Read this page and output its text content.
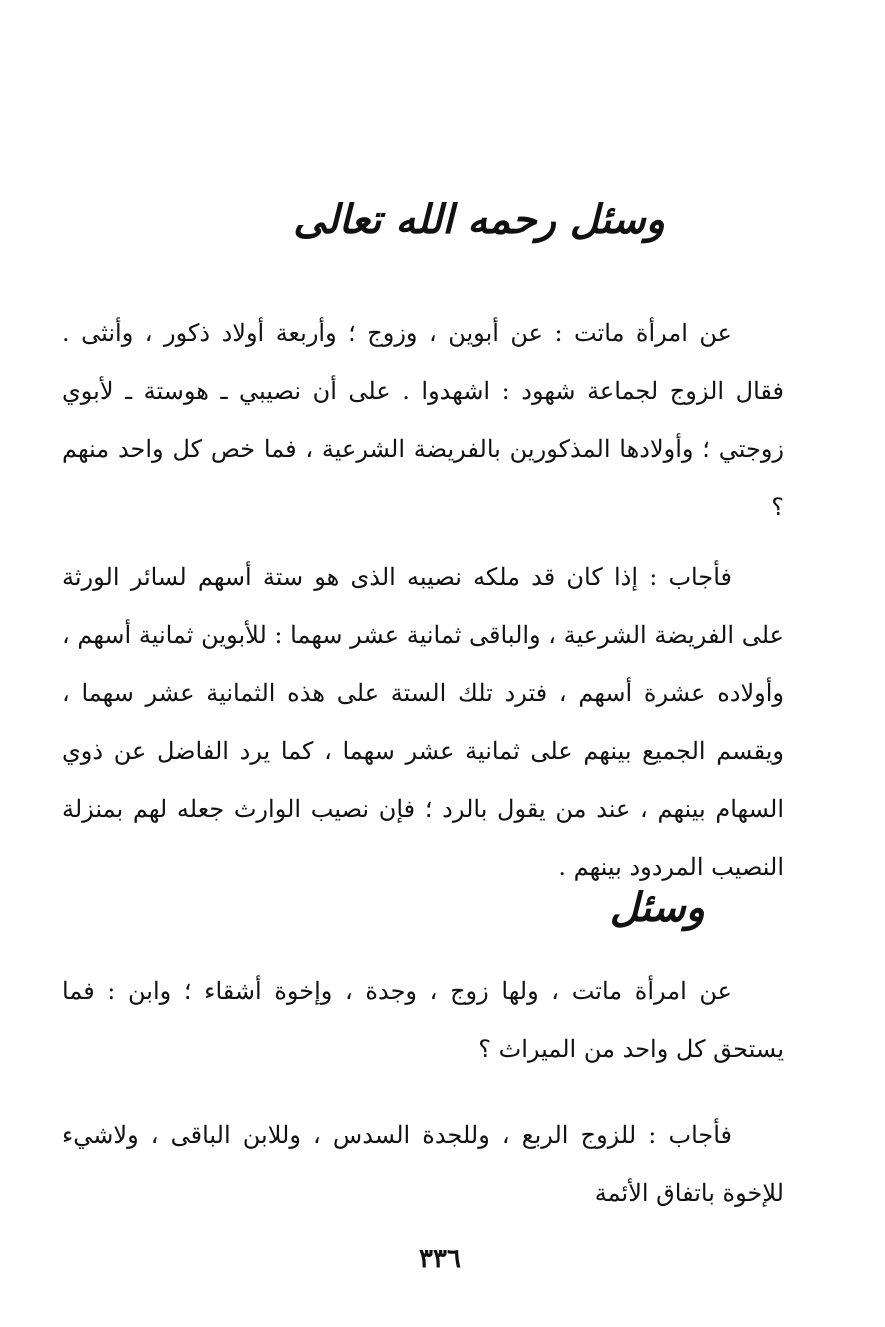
وسئل رحمه الله تعالى
عن امرأة ماتت : عن أبوين ، وزوج ؛ وأربعة أولاد ذكور ، وأنثى . فقال الزوج لجماعة شهود : اشهدوا . على أن نصيبي ـ هوستة ـ لأبوي زوجتي ؛ وأولادها المذكورين بالفريضة الشرعية ، فما خص كل واحد منهم ؟
فأجاب : إذا كان قد ملكه نصيبه الذى هو ستة أسهم لسائر الورثة على الفريضة الشرعية ، والباقى ثمانية عشر سهما : للأبوين ثمانية أسهم ، وأولاده عشرة أسهم ، فترد تلك الستة على هذه الثمانية عشر سهما ، ويقسم الجميع بينهم على ثمانية عشر سهما ، كما يرد الفاضل عن ذوي السهام بينهم ، عند من يقول بالرد ؛ فإن نصيب الوارث جعله لهم بمنزلة النصيب المردود بينهم .
وسئل
عن امرأة ماتت ، ولها زوج ، وجدة ، وإخوة أشقاء ؛ وابن : فما يستحق كل واحد من الميراث ؟
فأجاب : للزوج الربع ، وللجدة السدس ، وللابن الباقى ، ولاشيء للإخوة باتفاق الأئمة
٣٣٦
